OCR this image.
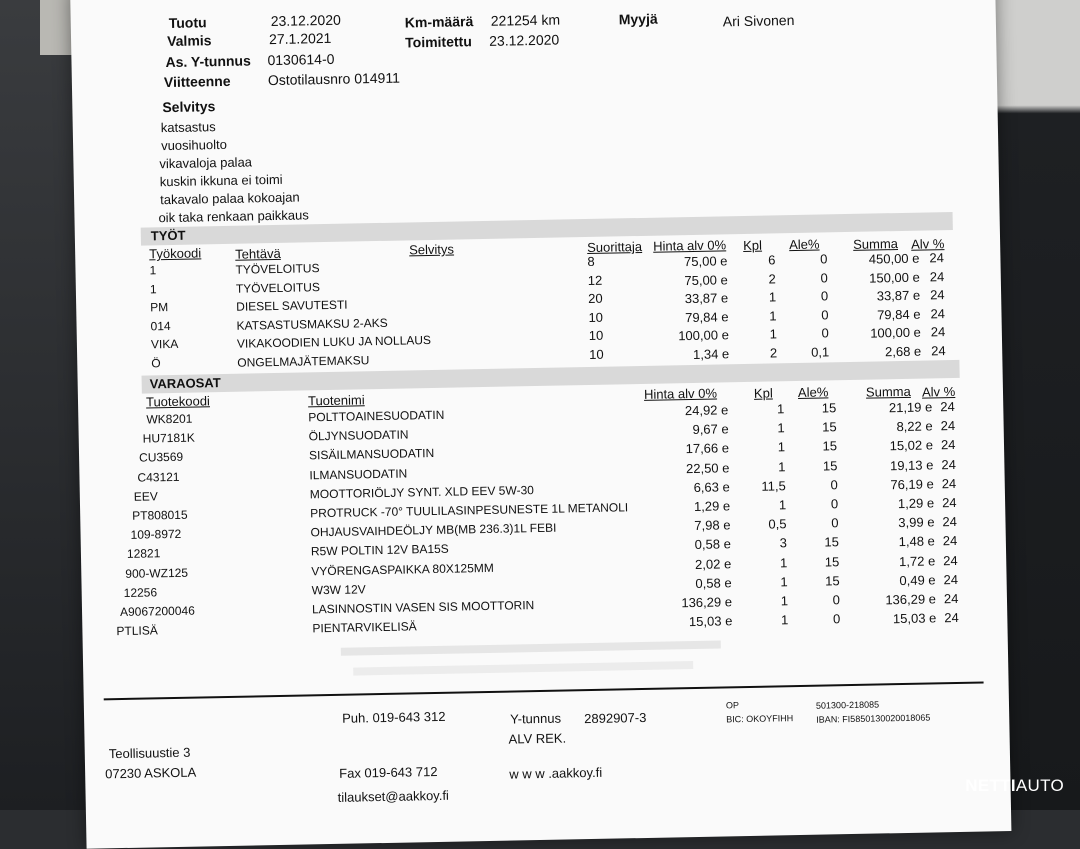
Tuotu	23.12.2020
Valmis	27.1.2021
As. Y-tunnus 0130614-0
Viitteenne	Ostotilausnro 014911
Km-määrä 221254 km
Toimitettu 23.12.2020
Myyjä	Ari Sivonen
Selvitys
katsastus
vuosihuolto
vikavaloja palaa
kuskin ikkuna ei toimi
takavalo palaa kokoajan
oik taka renkaan paikkaus
TYÖT
Työkoodi	Tehtävä	Selvitys	Suorittaja Hinta alv 0% Kpl Ale%	Summa Alv %
1	TYÖVELOITUS	8	75,00 e	6	0	450,00 e 24
1	TYÖVELOITUS	12	75,00 e	2	0	150,00 e 24
PM	DIESEL SAVUTESTI	20	33,87 e	1	0	33,87 e 24
014	KATSASTUSMAKSU 2-AKS	10	79,84 e	1	0	79,84 e 24
VIKA	VIKAKOODIEN LUKU JA NOLLAUS	10	100,00 e	1	0	100,00 e 24
Ö	ONGELMAJÄTEMAKSU	10	1,34 e	2	0,1	2,68 e 24
VARAOSAT
Tuotekoodi	Tuotenimi	Hinta alv 0%	Kpl Ale%	Summa Alv %
WK8201	POLTTOAINESUODATIN	24,92 e	1	15	21,19 e 24
HU7181K	ÖLJYNSUODATIN	9,67 e	1	15	8,22 e 24
CU3569	SISÄILMANSUODATIN	17,66 e	1	15	15,02 e 24
C43121	ILMANSUODATIN	22,50 e	1	15	19,13 e 24
EEV	MOOTTORIÖLJY SYNT. XLD EEV 5W-30	6,63 e	11,5	0	76,19 e 24
PT808015	PROTRUCK -70° TUULILASINPESUNESTE 1L METANOLI	1,29 e	1	0	1,29 e 24
109-8972	OHJAUSVAIHDEÖLJY MB(MB 236.3)1L FEBI	7,98 e	0,5	0	3,99 e 24
12821	R5W POLTIN 12V BA15S	0,58 e	3	15	1,48 e 24
900-WZ125	VYÖRENGASPAIKKA 80X125MM	2,02 e	1	15	1,72 e 24
12256	W3W 12V	0,58 e	1	15	0,49 e 24
A9067200046	LASINNOSTIN VASEN SIS MOOTTORIN	136,29 e	1	0	136,29 e 24
PTLISÄ	PIENTARVIKELISÄ	15,03 e	1	0	15,03 e 24
Puh. 019-643 312	Y-tunnus 2892907-3
ALV REK.
OP
BIC: OKOYFIHH
501300-218085
IBAN: FI5850130020018065
Teollisuustie 3
07230 ASKOLA	Fax 019-643 712	w w w .aakkoy.fi
tilaukset@aakkoy.fi
NETTIAUTO
